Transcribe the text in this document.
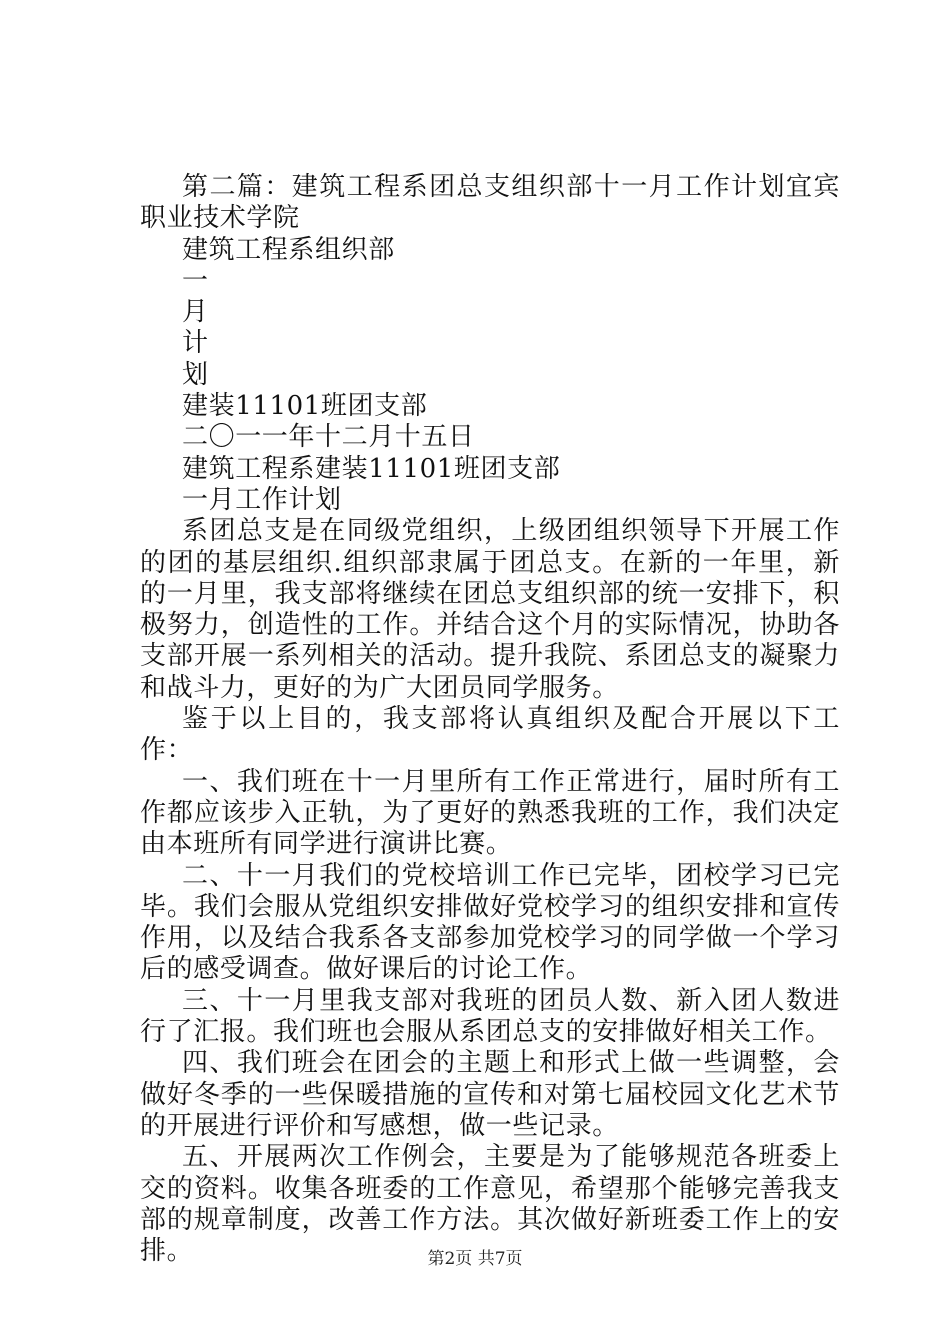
第二篇：建筑工程系团总支组织部十一月工作计划宜宾职业技术学院

建筑工程系组织部
一
月
计
划
建装11101班团支部
二〇一一年十二月十五日
建筑工程系建装11101班团支部
一月工作计划

系团总支是在同级党组织，上级团组织领导下开展工作的团的基层组织.组织部隶属于团总支。在新的一年里，新的一月里，我支部将继续在团总支组织部的统一安排下，积极努力，创造性的工作。并结合这个月的实际情况，协助各支部开展一系列相关的活动。提升我院、系团总支的凝聚力和战斗力，更好的为广大团员同学服务。

鉴于以上目的，我支部将认真组织及配合开展以下工作：

一、我们班在十一月里所有工作正常进行，届时所有工作都应该步入正轨，为了更好的熟悉我班的工作，我们决定由本班所有同学进行演讲比赛。

二、十一月我们的党校培训工作已完毕，团校学习已完毕。我们会服从党组织安排做好党校学习的组织安排和宣传作用，以及结合我系各支部参加党校学习的同学做一个学习后的感受调查。做好课后的讨论工作。

三、十一月里我支部对我班的团员人数、新入团人数进行了汇报。我们班也会服从系团总支的安排做好相关工作。

四、我们班会在团会的主题上和形式上做一些调整，会做好冬季的一些保暖措施的宣传和对第七届校园文化艺术节的开展进行评价和写感想，做一些记录。

五、开展两次工作例会，主要是为了能够规范各班委上交的资料。收集各班委的工作意见，希望那个能够完善我支部的规章制度，改善工作方法。其次做好新班委工作上的安排。	第2页 共7页
